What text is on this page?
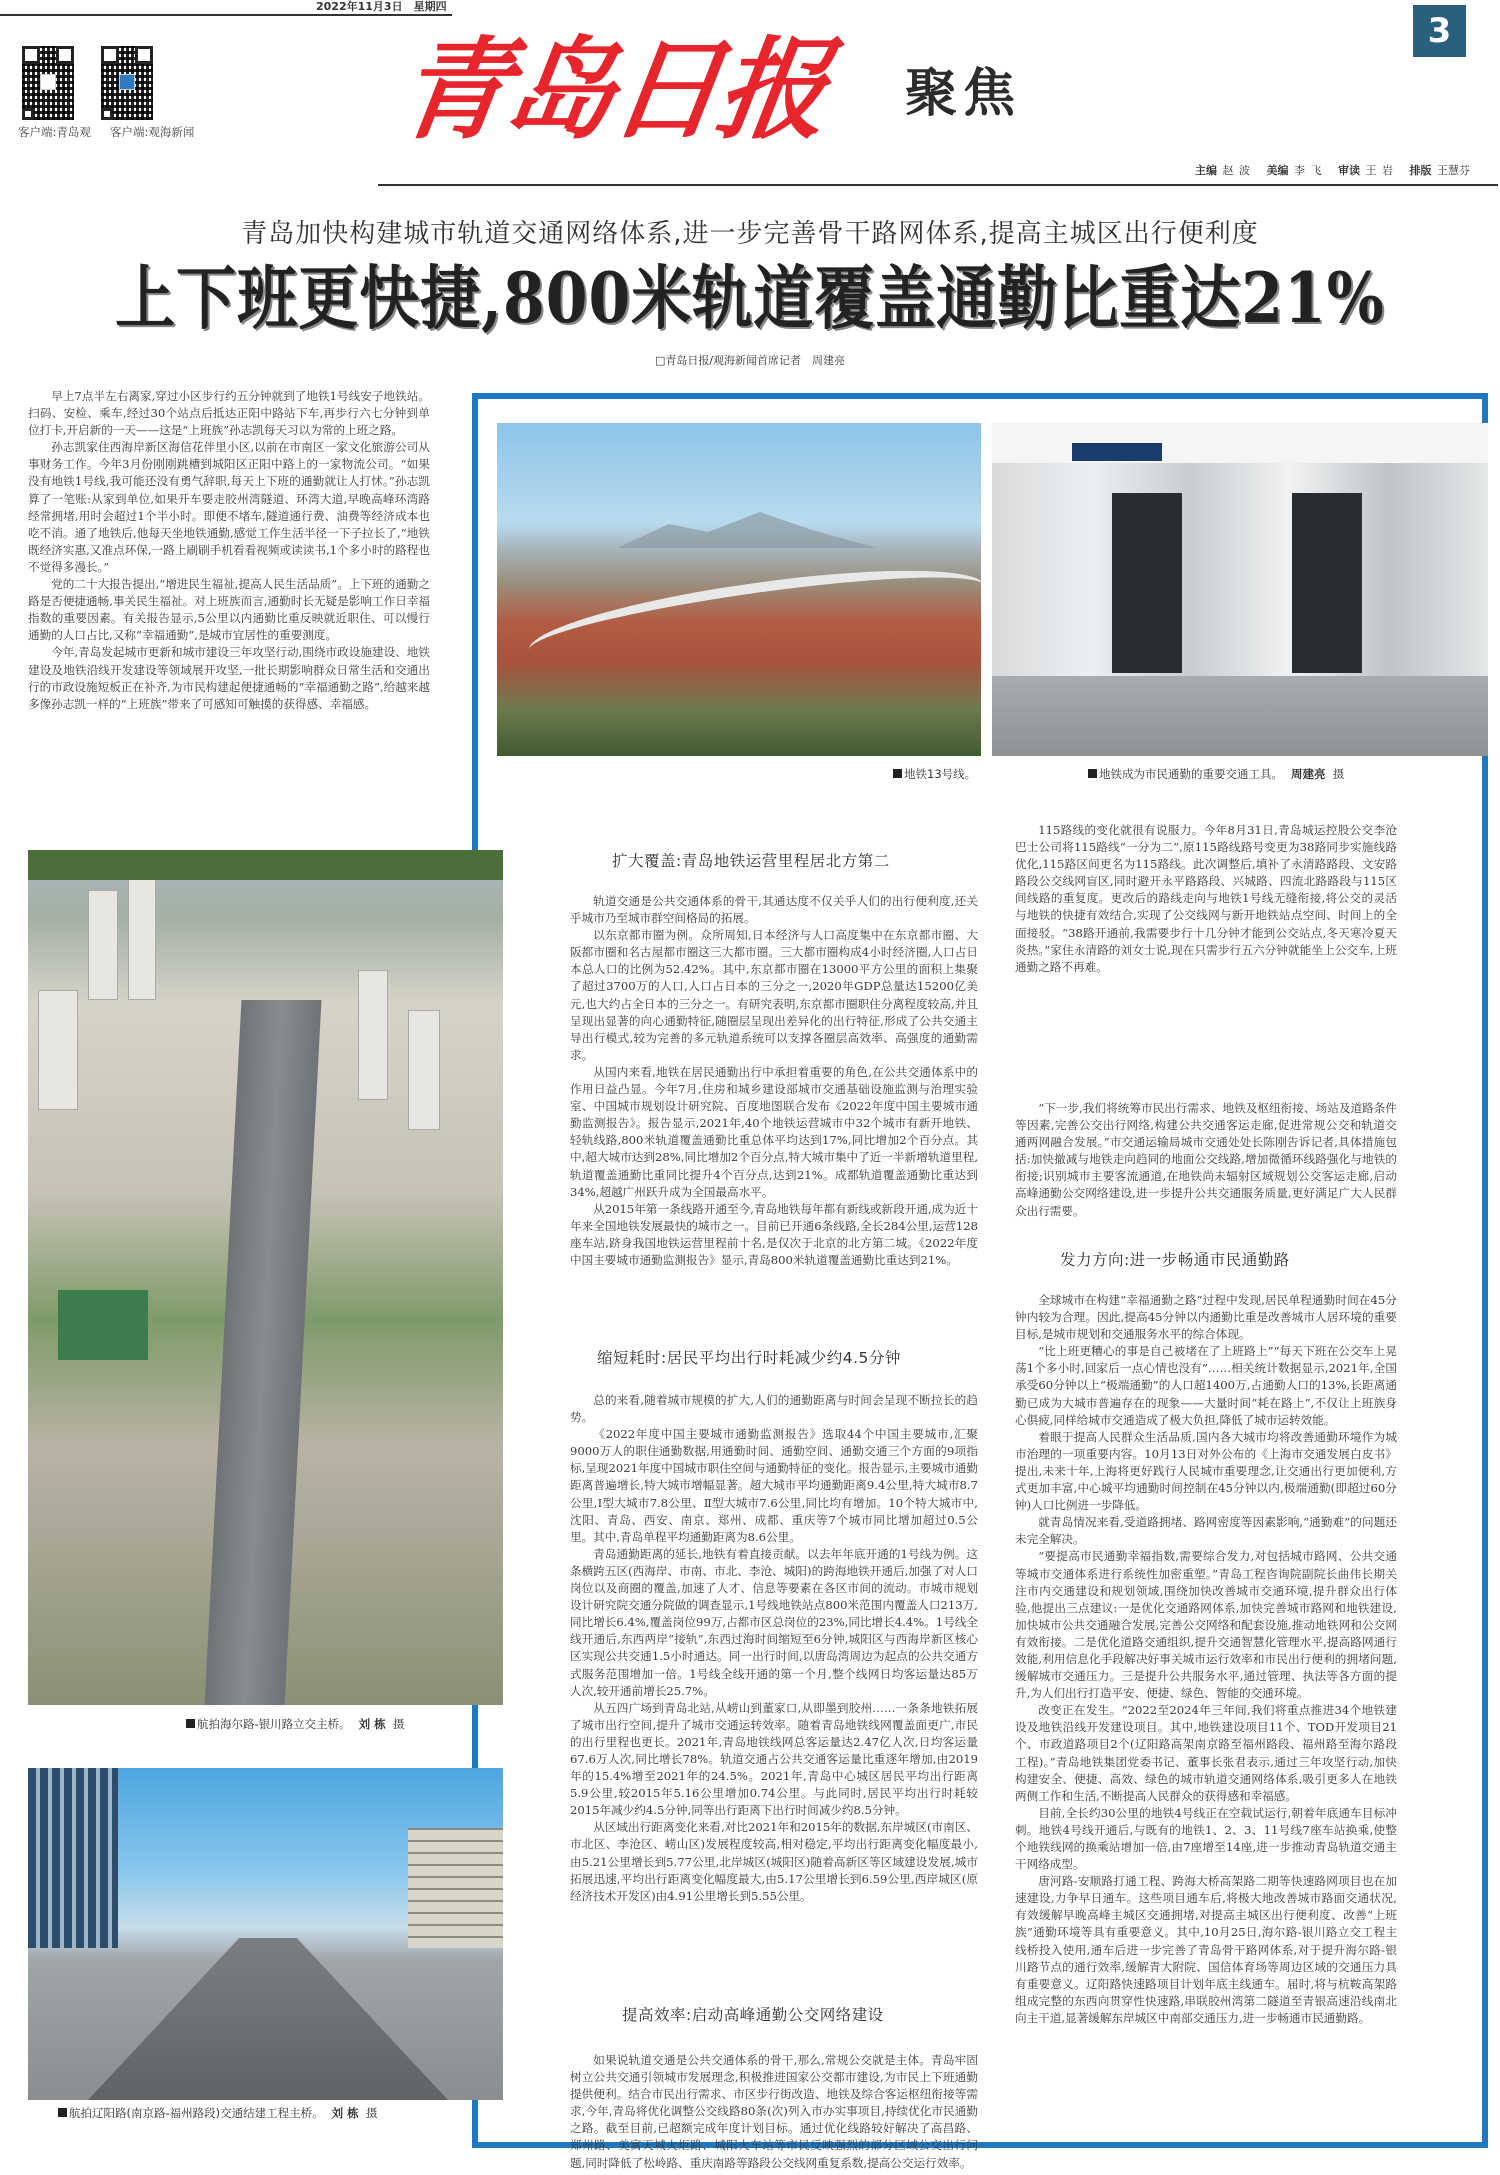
2022年11月3日　星期四
客户端:青岛观 客户端:观海新闻 青岛日报 聚焦
3
主编 赵 波 美编 李 飞 审读 王 岩 排版 王慧芬
青岛加快构建城市轨道交通网络体系,进一步完善骨干路网体系,提高主城区出行便利度
上下班更快捷,800米轨道覆盖通勤比重达21%
□青岛日报/观海新闻首席记者　周建亮

早上7点半左右离家,穿过小区步行约五分钟就到了地铁1号线安子地铁站。扫码、安检、乘车,经过30个站点后抵达正阳中路站下车,再步行六七分钟到单位打卡,开启新的一天——这是“上班族”孙志凯每天习以为常的上班之路。

孙志凯家住西海岸新区海信花伴里小区,以前在市南区一家文化旅游公司从事财务工作。今年3月份刚刚跳槽到城阳区正阳中路上的一家物流公司。“如果没有地铁1号线,我可能还没有勇气辞职,每天上下班的通勤就让人打怵。”孙志凯算了一笔账:从家到单位,如果开车要走胶州湾隧道、环湾大道,早晚高峰环湾路经常拥堵,用时会超过1个半小时。即便不堵车,隧道通行费、油费等经济成本也吃不消。通了地铁后,他每天坐地铁通勤,感觉工作生活半径一下子拉长了,“地铁既经济实惠,又准点环保,一路上刷刷手机看看视频或读读书,1个多小时的路程也不觉得多漫长。”

党的二十大报告提出,“增进民生福祉,提高人民生活品质”。上下班的通勤之路是否便捷通畅,事关民生福祉。对上班族而言,通勤时长无疑是影响工作日幸福指数的重要因素。有关报告显示,5公里以内通勤比重反映就近职住、可以慢行通勤的人口占比,又称“幸福通勤”,是城市宜居性的重要测度。

今年,青岛发起城市更新和城市建设三年攻坚行动,围绕市政设施建设、地铁建设及地铁沿线开发建设等领域展开攻坚,一批长期影响群众日常生活和交通出行的市政设施短板正在补齐,为市民构建起便捷通畅的“幸福通勤之路”,给越来越多像孙志凯一样的“上班族”带来了可感知可触摸的获得感、幸福感。

地铁13号线。	地铁成为市民通勤的重要交通工具。 周建亮 摄
航拍海尔路-银川路立交主桥。 刘 栋 摄
航拍辽阳路(南京路-福州路段)交通结建工程主桥。 刘 栋 摄
扩大覆盖:青岛地铁运营里程居北方第二

轨道交通是公共交通体系的骨干,其通达度不仅关乎人们的出行便利度,还关乎城市乃至城市群空间格局的拓展。

以东京都市圈为例。众所周知,日本经济与人口高度集中在东京都市圈、大阪都市圈和名古屋都市圈这三大都市圈。三大都市圈构成4小时经济圈,人口占日本总人口的比例为52.42%。其中,东京都市圈在13000平方公里的面积上集聚了超过3700万的人口,人口占日本的三分之一,2020年GDP总量达15200亿美元,也大约占全日本的三分之一。有研究表明,东京都市圈职住分离程度较高,并且呈现出显著的向心通勤特征,随圈层呈现出差异化的出行特征,形成了公共交通主导出行模式,较为完善的多元轨道系统可以支撑各圈层高效率、高强度的通勤需求。

从国内来看,地铁在居民通勤出行中承担着重要的角色,在公共交通体系中的作用日益凸显。今年7月,住房和城乡建设部城市交通基础设施监测与治理实验室、中国城市规划设计研究院、百度地图联合发布《2022年度中国主要城市通勤监测报告》。报告显示,2021年,40个地铁运营城市中32个城市有新开地铁、轻轨线路,800米轨道覆盖通勤比重总体平均达到17%,同比增加2个百分点。其中,超大城市达到28%,同比增加2个百分点,特大城市集中了近一半新增轨道里程,轨道覆盖通勤比重同比提升4个百分点,达到21%。成都轨道覆盖通勤比重达到34%,超越广州跃升成为全国最高水平。

从2015年第一条线路开通至今,青岛地铁每年都有新线或新段开通,成为近十年来全国地铁发展最快的城市之一。目前已开通6条线路,全长284公里,运营128座车站,跻身我国地铁运营里程前十名,是仅次于北京的北方第二城。《2022年度中国主要城市通勤监测报告》显示,青岛800米轨道覆盖通勤比重达到21%。

缩短耗时:居民平均出行时耗减少约4.5分钟

总的来看,随着城市规模的扩大,人们的通勤距离与时间会呈现不断拉长的趋势。

《2022年度中国主要城市通勤监测报告》选取44个中国主要城市,汇聚9000万人的职住通勤数据,用通勤时间、通勤空间、通勤交通三个方面的9项指标,呈现2021年度中国城市职住空间与通勤特征的变化。报告显示,主要城市通勤距离普遍增长,特大城市增幅显著。超大城市平均通勤距离9.4公里,特大城市8.7公里,Ⅰ型大城市7.8公里、Ⅱ型大城市7.6公里,同比均有增加。10个特大城市中,沈阳、青岛、西安、南京、郑州、成都、重庆等7个城市同比增加超过0.5公里。其中,青岛单程平均通勤距离为8.6公里。

青岛通勤距离的延长,地铁有着直接贡献。以去年年底开通的1号线为例。这条横跨五区(西海岸、市南、市北、李沧、城阳)的跨海地铁开通后,加强了对人口岗位以及商圈的覆盖,加速了人才、信息等要素在各区市间的流动。市城市规划设计研究院交通分院做的调查显示,1号线地铁站点800米范围内覆盖人口213万,同比增长6.4%,覆盖岗位99万,占都市区总岗位的23%,同比增长4.4%。1号线全线开通后,东西两岸“接轨”,东西过海时间缩短至6分钟,城阳区与西海岸新区核心区实现公共交通1.5小时通达。同一出行时间,以唐岛湾周边为起点的公共交通方式服务范围增加一倍。1号线全线开通的第一个月,整个线网日均客运量达85万人次,较开通前增长25.7%。

从五四广场到青岛北站,从崂山到董家口,从即墨到胶州……一条条地铁拓展了城市出行空间,提升了城市交通运转效率。随着青岛地铁线网覆盖面更广,市民的出行里程也更长。2021年,青岛地铁线网总客运量达2.47亿人次,日均客运量67.6万人次,同比增长78%。轨道交通占公共交通客运量比重逐年增加,由2019年的15.4%增至2021年的24.5%。2021年,青岛中心城区居民平均出行距离5.9公里,较2015年5.16公里增加0.74公里。与此同时,居民平均出行时耗较2015年减少约4.5分钟,同等出行距离下出行时间减少约8.5分钟。

从区域出行距离变化来看,对比2021年和2015年的数据,东岸城区(市南区、市北区、李沧区、崂山区)发展程度较高,相对稳定,平均出行距离变化幅度最小,由5.21公里增长到5.77公里,北岸城区(城阳区)随着高新区等区域建设发展,城市拓展迅速,平均出行距离变化幅度最大,由5.17公里增长到6.59公里,西岸城区(原经济技术开发区)由4.91公里增长到5.55公里。

提高效率:启动高峰通勤公交网络建设

如果说轨道交通是公共交通体系的骨干,那么,常规公交就是主体。青岛牢固树立公共交通引领城市发展理念,积极推进国家公交都市建设,为市民上下班通勤提供便利。结合市民出行需求、市区步行街改造、地铁及综合客运枢纽衔接等需求,今年,青岛将优化调整公交线路80条(次)列入市办实事项目,持续优化市民通勤之路。截至目前,已超额完成年度计划目标。通过优化线路较好解决了高昌路、郑州路、美寓天城火炬路、城阳火车站等市民反映强烈的部分区域公交出行问题,同时降低了松岭路、重庆南路等路段公交线网重复系数,提高公交运行效率。

115路线的变化就很有说服力。今年8月31日,青岛城运控股公交李沧巴士公司将115路线“一分为二”,原115路线路号变更为38路同步实施线路优化,115路区间更名为115路线。此次调整后,填补了永清路路段、文安路路段公交线网盲区,同时避开永平路路段、兴城路、四流北路路段与115区间线路的重复度。更改后的路线走向与地铁1号线无缝衔接,将公交的灵活与地铁的快捷有效结合,实现了公交线网与新开地铁站点空间、时间上的全面接驳。“38路开通前,我需要步行十几分钟才能到公交站点,冬天寒冷夏天炎热。”家住永清路的刘女士说,现在只需步行五六分钟就能坐上公交车,上班通勤之路不再难。

“下一步,我们将统筹市民出行需求、地铁及枢纽衔接、场站及道路条件等因素,完善公交出行网络,构建公共交通客运走廊,促进常规公交和轨道交通两网融合发展。”市交通运输局城市交通处处长陈刚告诉记者,具体措施包括:加快撤减与地铁走向趋同的地面公交线路,增加微循环线路强化与地铁的衔接;识别城市主要客流通道,在地铁尚未辐射区域规划公交客运走廊,启动高峰通勤公交网络建设,进一步提升公共交通服务质量,更好满足广大人民群众出行需要。

发力方向:进一步畅通市民通勤路

全球城市在构建“幸福通勤之路”过程中发现,居民单程通勤时间在45分钟内较为合理。因此,提高45分钟以内通勤比重是改善城市人居环境的重要目标,是城市规划和交通服务水平的综合体现。

“比上班更糟心的事是自己被堵在了上班路上”“每天下班在公交车上晃荡1个多小时,回家后一点心情也没有”……相关统计数据显示,2021年,全国承受60分钟以上“极端通勤”的人口超1400万,占通勤人口的13%,长距离通勤已成为大城市普遍存在的现象——大量时间“耗在路上”,不仅让上班族身心俱疲,同样给城市交通造成了极大负担,降低了城市运转效能。

着眼于提高人民群众生活品质,国内各大城市均将改善通勤环境作为城市治理的一项重要内容。10月13日对外公布的《上海市交通发展白皮书》提出,未来十年,上海将更好践行人民城市重要理念,让交通出行更加便利,方式更加丰富,中心城平均通勤时间控制在45分钟以内,极端通勤(即超过60分钟)人口比例进一步降低。

就青岛情况来看,受道路拥堵、路网密度等因素影响,“通勤难”的问题还未完全解决。

“要提高市民通勤幸福指数,需要综合发力,对包括城市路网、公共交通等城市交通体系进行系统性加密重塑。”青岛工程咨询院副院长曲伟长期关注市内交通建设和规划领域,围绕加快改善城市交通环境,提升群众出行体验,他提出三点建议:一是优化交通路网体系,加快完善城市路网和地铁建设,加快城市公共交通融合发展,完善公交网络和配套设施,推动地铁网和公交网有效衔接。二是优化道路交通组织,提升交通智慧化管理水平,提高路网通行效能,利用信息化手段解决好事关城市运行效率和市民出行便利的拥堵问题,缓解城市交通压力。三是提升公共服务水平,通过管理、执法等各方面的提升,为人们出行打造平安、便捷、绿色、智能的交通环境。

改变正在发生。“2022至2024年三年间,我们将重点推进34个地铁建设及地铁沿线开发建设项目。其中,地铁建设项目11个、TOD开发项目21个、市政道路项目2个(辽阳路高架南京路至福州路段、福州路至海尔路段工程)。”青岛地铁集团党委书记、董事长张君表示,通过三年攻坚行动,加快构建安全、便捷、高效、绿色的城市轨道交通网络体系,吸引更多人在地铁两侧工作和生活,不断提高人民群众的获得感和幸福感。

目前,全长约30公里的地铁4号线正在空载试运行,朝着年底通车目标冲刺。地铁4号线开通后,与既有的地铁1、2、3、11号线7座车站换乘,使整个地铁线网的换乘站增加一倍,由7座增至14座,进一步推动青岛轨道交通主干网络成型。

唐河路-安顺路打通工程、跨海大桥高架路二期等快速路网项目也在加速建设,力争早日通车。这些项目通车后,将极大地改善城市路面交通状况,有效缓解早晚高峰主城区交通拥堵,对提高主城区出行便利度、改善“上班族”通勤环境等具有重要意义。其中,10月25日,海尔路-银川路立交工程主线桥投入使用,通车后进一步完善了青岛骨干路网体系,对于提升海尔路-银川路节点的通行效率,缓解青大附院、国信体育场等周边区域的交通压力具有重要意义。辽阳路快速路项目计划年底主线通车。届时,将与杭鞍高架路组成完整的东西向贯穿性快速路,串联胶州湾第二隧道至青银高速沿线南北向主干道,显著缓解东岸城区中南部交通压力,进一步畅通市民通勤路。
